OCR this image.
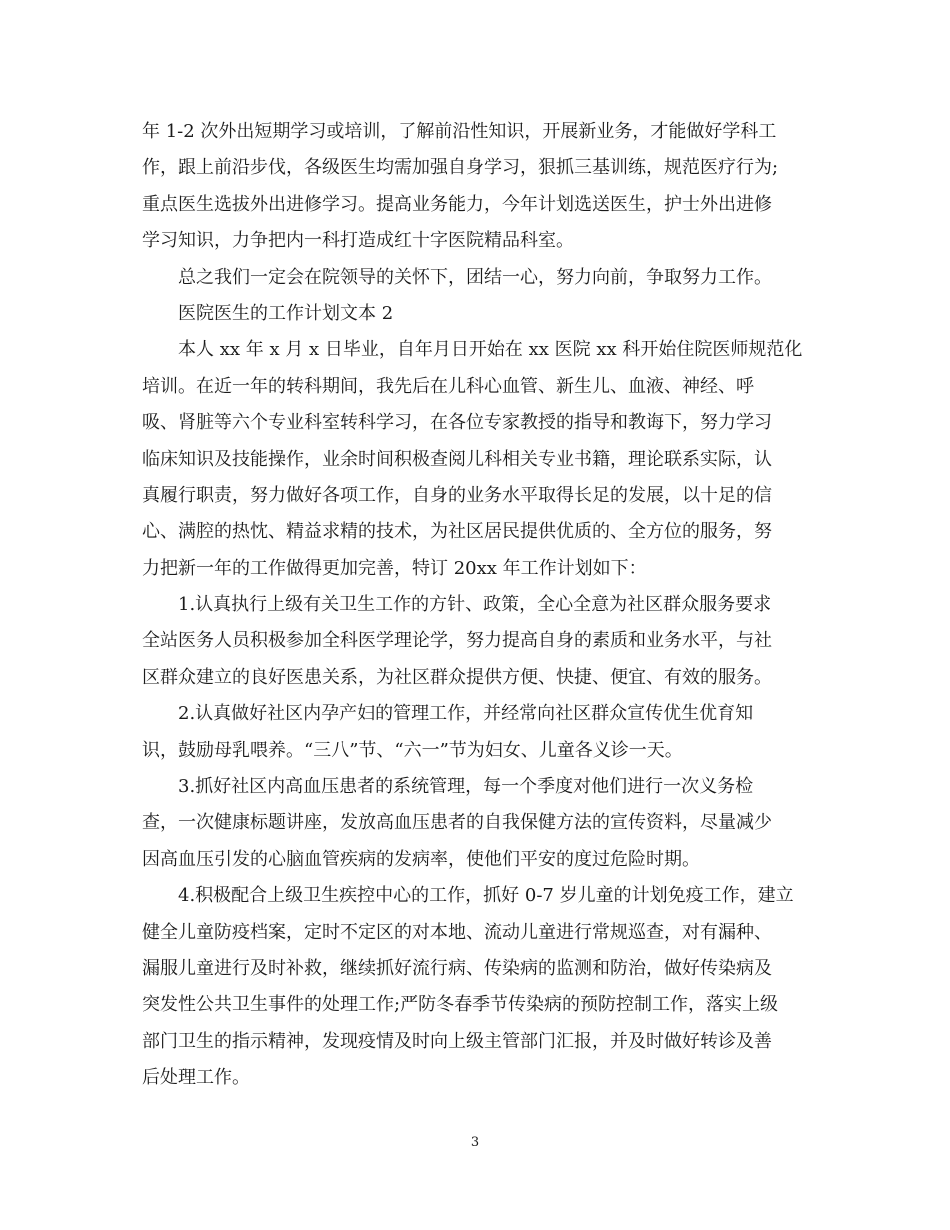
年 1-2 次外出短期学习或培训，了解前沿性知识，开展新业务，才能做好学科工
作，跟上前沿步伐，各级医生均需加强自身学习，狠抓三基训练，规范医疗行为;
重点医生选拔外出进修学习。提高业务能力，今年计划选送医生，护士外出进修
学习知识，力争把内一科打造成红十字医院精品科室。
总之我们一定会在院领导的关怀下，团结一心，努力向前，争取努力工作。
医院医生的工作计划文本 2
本人 xx 年 x 月 x 日毕业，自年月日开始在 xx 医院 xx 科开始住院医师规范化
培训。在近一年的转科期间，我先后在儿科心血管、新生儿、血液、神经、呼
吸、肾脏等六个专业科室转科学习，在各位专家教授的指导和教诲下，努力学习
临床知识及技能操作，业余时间积极查阅儿科相关专业书籍，理论联系实际，认
真履行职责，努力做好各项工作，自身的业务水平取得长足的发展，以十足的信
心、满腔的热忱、精益求精的技术，为社区居民提供优质的、全方位的服务，努
力把新一年的工作做得更加完善，特订 20xx 年工作计划如下：
1.认真执行上级有关卫生工作的方针、政策，全心全意为社区群众服务要求
全站医务人员积极参加全科医学理论学，努力提高自身的素质和业务水平，与社
区群众建立的良好医患关系，为社区群众提供方便、快捷、便宜、有效的服务。
2.认真做好社区内孕产妇的管理工作，并经常向社区群众宣传优生优育知
识，鼓励母乳喂养。“三八”节、“六一”节为妇女、儿童各义诊一天。
3.抓好社区内高血压患者的系统管理，每一个季度对他们进行一次义务检
查，一次健康标题讲座，发放高血压患者的自我保健方法的宣传资料，尽量减少
因高血压引发的心脑血管疾病的发病率，使他们平安的度过危险时期。
4.积极配合上级卫生疾控中心的工作，抓好 0-7 岁儿童的计划免疫工作，建立
健全儿童防疫档案，定时不定区的对本地、流动儿童进行常规巡查，对有漏种、
漏服儿童进行及时补救，继续抓好流行病、传染病的监测和防治，做好传染病及
突发性公共卫生事件的处理工作;严防冬春季节传染病的预防控制工作，落实上级
部门卫生的指示精神，发现疫情及时向上级主管部门汇报，并及时做好转诊及善
后处理工作。
3
